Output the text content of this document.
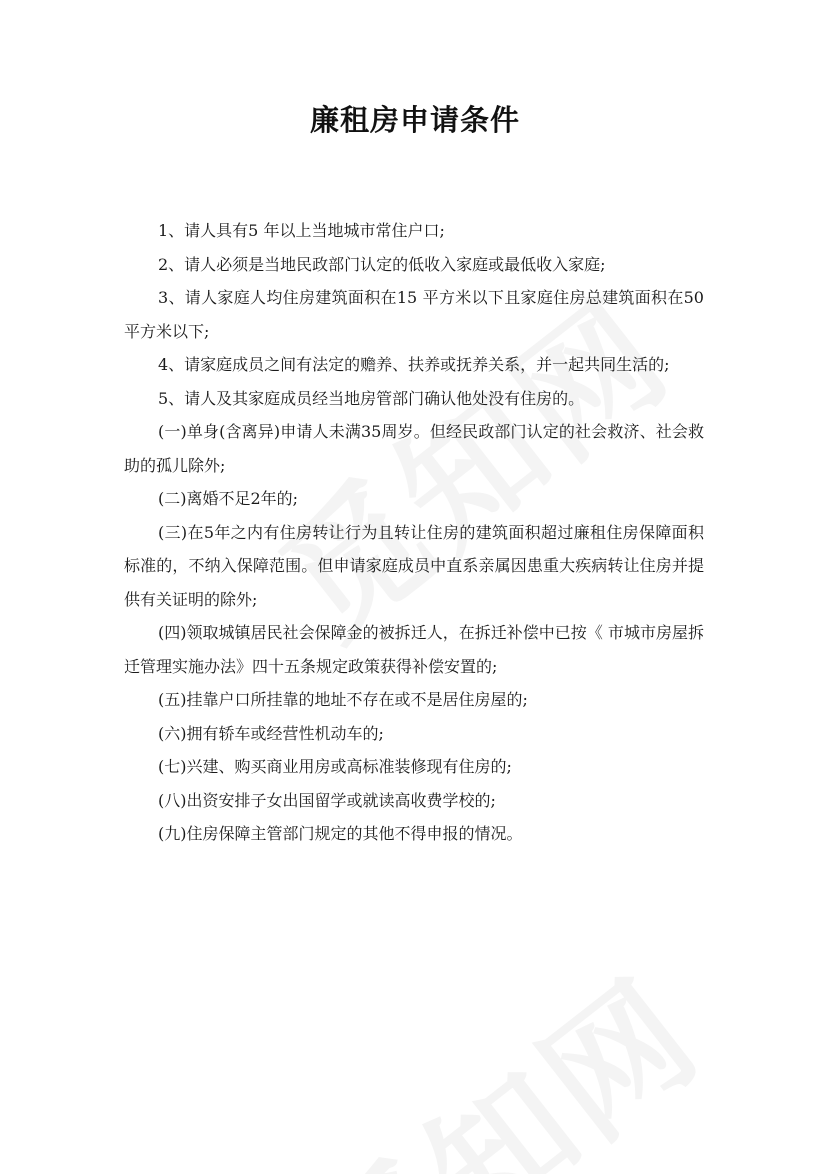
廉租房申请条件

1、请人具有5 年以上当地城市常住户口;

2、请人必须是当地民政部门认定的低收入家庭或最低收入家庭;

3、请人家庭人均住房建筑面积在15 平方米以下且家庭住房总建筑面积在50 平方米以下;

4、请家庭成员之间有法定的赡养、扶养或抚养关系，并一起共同生活的;

5、请人及其家庭成员经当地房管部门确认他处没有住房的。

(一)单身(含离异)申请人未满35周岁。但经民政部门认定的社会救济、社会救助的孤儿除外;

(二)离婚不足2年的;

(三)在5年之内有住房转让行为且转让住房的建筑面积超过廉租住房保障面积标准的，不纳入保障范围。但申请家庭成员中直系亲属因患重大疾病转让住房并提供有关证明的除外;

(四)领取城镇居民社会保障金的被拆迁人，在拆迁补偿中已按《 市城市房屋拆迁管理实施办法》四十五条规定政策获得补偿安置的;

(五)挂靠户口所挂靠的地址不存在或不是居住房屋的;

(六)拥有轿车或经营性机动车的;

(七)兴建、购买商业用房或高标准装修现有住房的;

(八)出资安排子女出国留学或就读高收费学校的;

(九)住房保障主管部门规定的其他不得申报的情况。
